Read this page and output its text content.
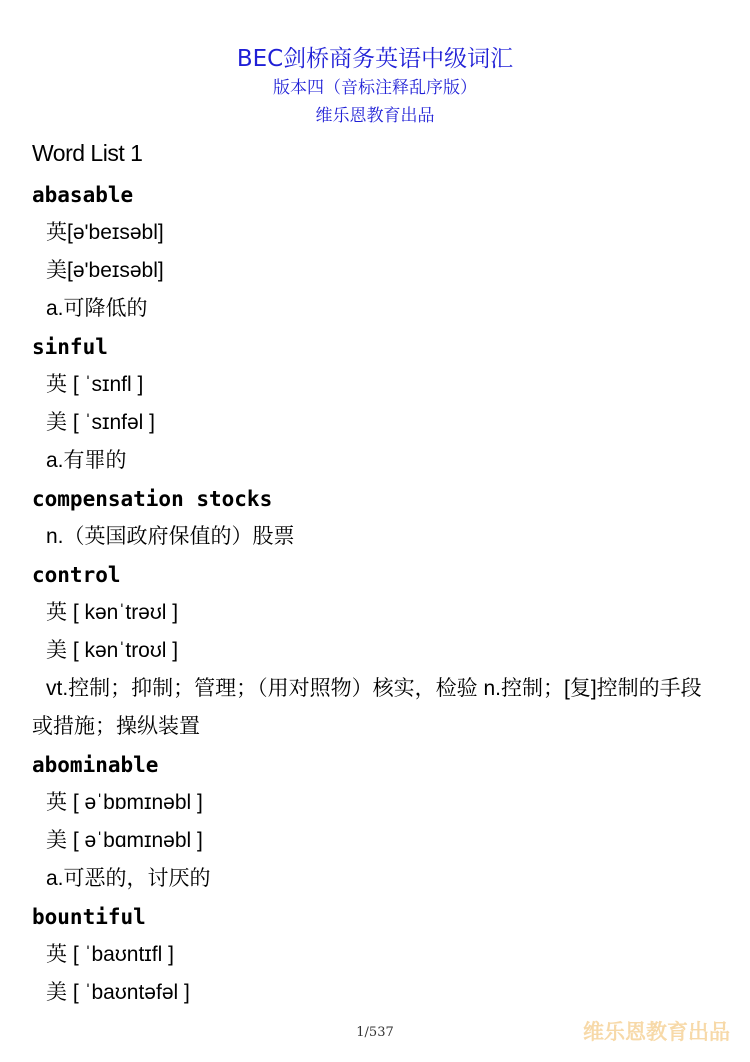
BEC剑桥商务英语中级词汇
版本四（音标注释乱序版）
维乐恩教育出品
Word List 1
abasable
英[ə'beɪsəbl]
美[ə'beɪsəbl]
a.可降低的
sinful
英 [ ˈsɪnfl ]
美 [ ˈsɪnfəl ]
a.有罪的
compensation stocks
n.（英国政府保值的）股票
control
英 [ kənˈtrəʊl ]
美 [ kənˈtroʊl ]
vt.控制；抑制；管理；（用对照物）核实，检验 n.控制；[复]控制的手段或措施；操纵装置
abominable
英 [ əˈbɒmɪnəbl ]
美 [ əˈbɑmɪnəbl ]
a.可恶的，讨厌的
bountiful
英 [ ˈbaʊntɪfl ]
美 [ ˈbaʊntəfəl ]
1/537	维乐恩教育出品
